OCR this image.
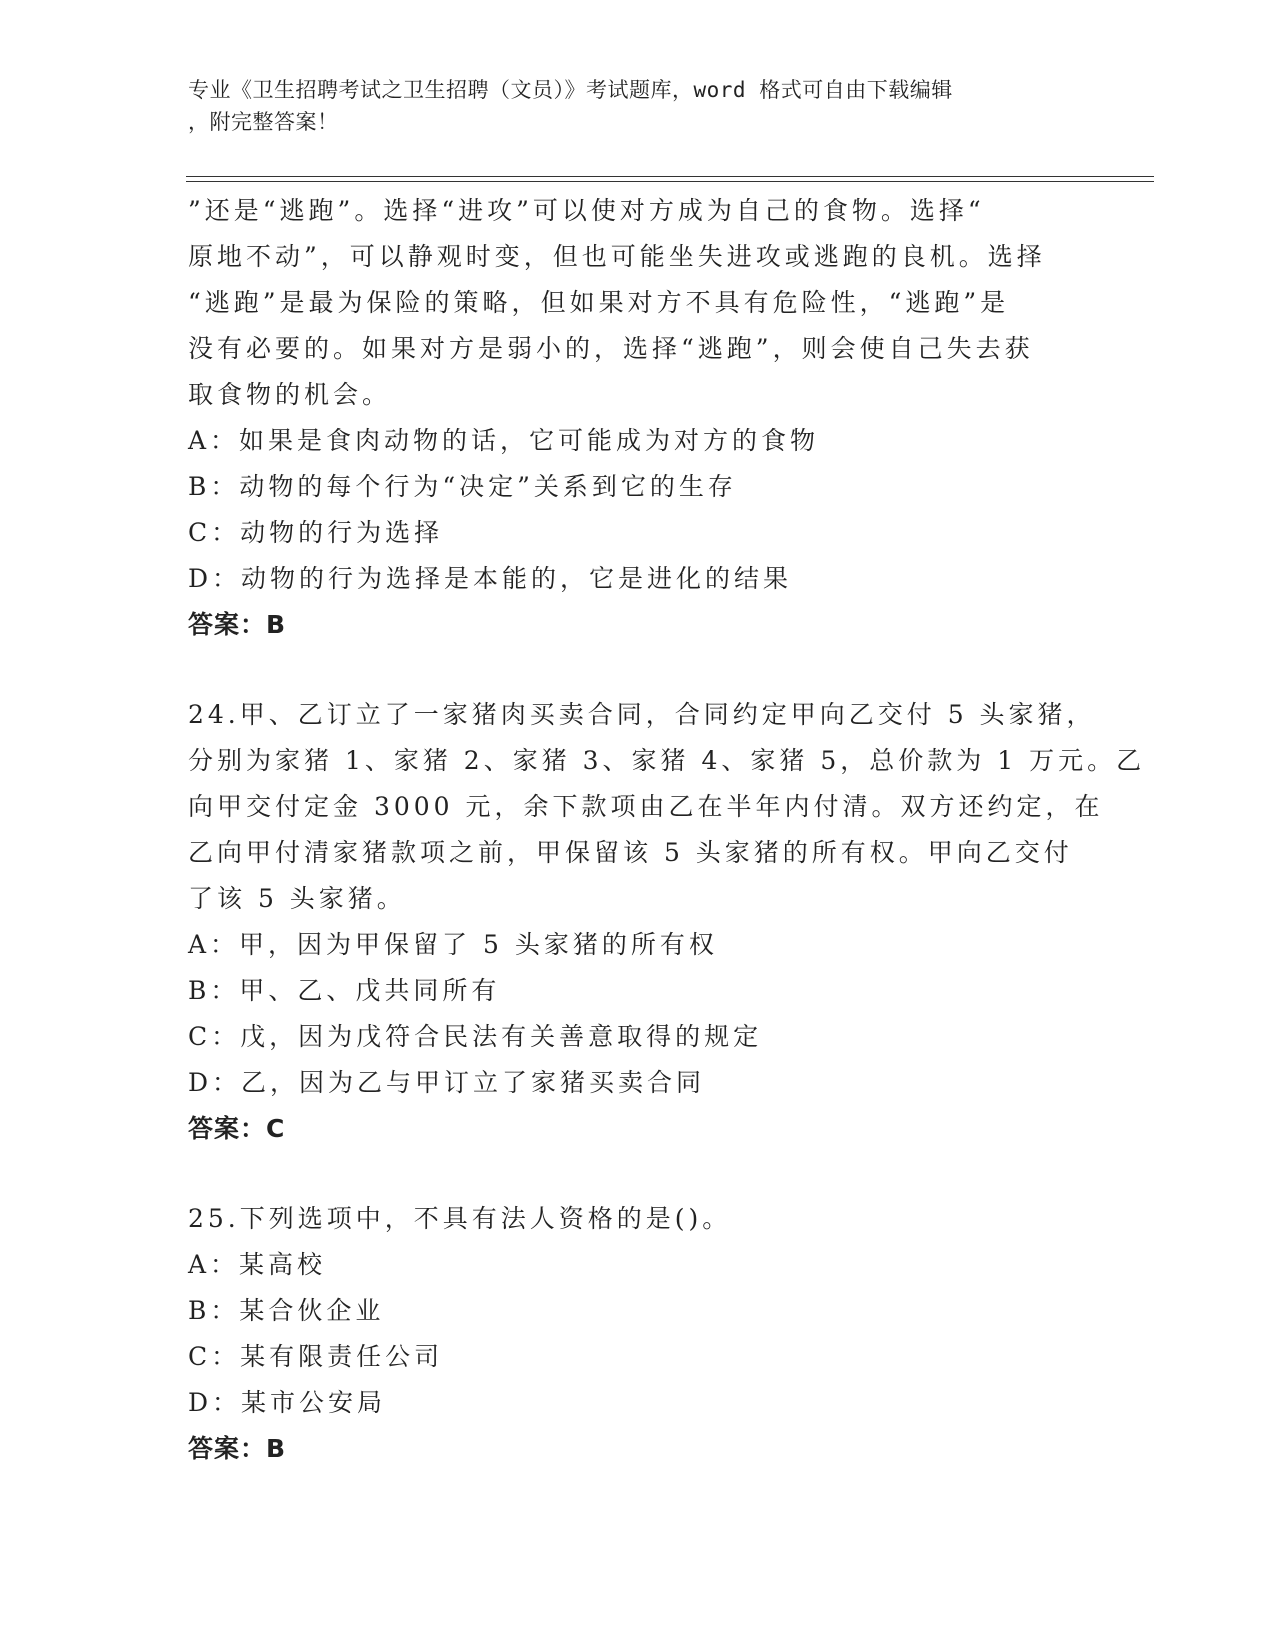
专业《卫生招聘考试之卫生招聘（文员）》考试题库，word 格式可自由下载编辑
，附完整答案！
”还是“逃跑”。选择“进攻”可以使对方成为自己的食物。选择“
原地不动”，可以静观时变，但也可能坐失进攻或逃跑的良机。选择
“逃跑”是最为保险的策略，但如果对方不具有危险性，“逃跑”是
没有必要的。如果对方是弱小的，选择“逃跑”，则会使自己失去获
取食物的机会。
A：如果是食肉动物的话，它可能成为对方的食物
B：动物的每个行为“决定”关系到它的生存
C：动物的行为选择
D：动物的行为选择是本能的，它是进化的结果
答案：B
24.甲、乙订立了一家猪肉买卖合同，合同约定甲向乙交付 5 头家猪，
分别为家猪 1、家猪 2、家猪 3、家猪 4、家猪 5，总价款为 1 万元。乙
向甲交付定金 3000 元，余下款项由乙在半年内付清。双方还约定，在
乙向甲付清家猪款项之前，甲保留该 5 头家猪的所有权。甲向乙交付
了该 5 头家猪。
A：甲，因为甲保留了 5 头家猪的所有权
B：甲、乙、戊共同所有
C：戊，因为戊符合民法有关善意取得的规定
D：乙，因为乙与甲订立了家猪买卖合同
答案：C
25.下列选项中，不具有法人资格的是()。
A：某高校
B：某合伙企业
C：某有限责任公司
D：某市公安局
答案：B
